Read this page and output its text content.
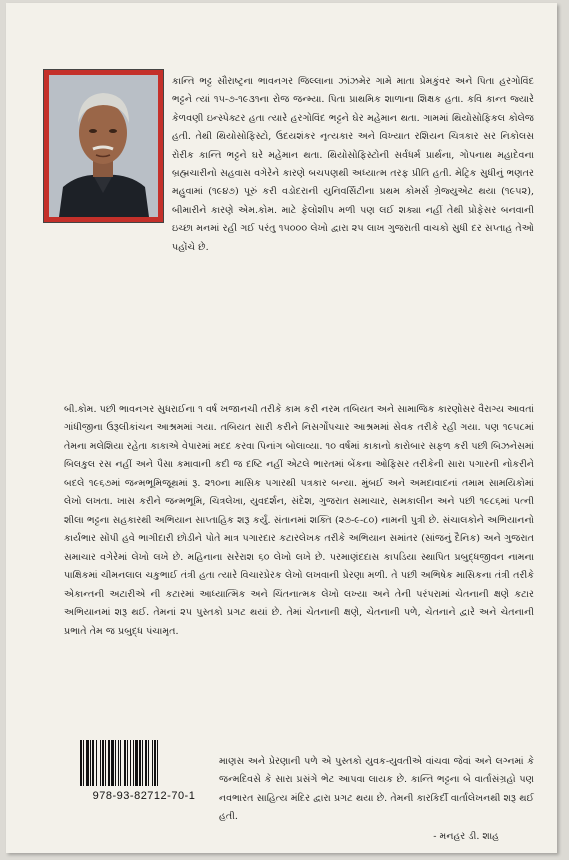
કાન્તિ ભટ્ટ સૌરાષ્ટ્રના ભાવનગર જિલ્લાના ઝાંઝમેર ગામે માતા પ્રેમકુંવર અને પિતા હરગોવિંદ ભટ્ટને ત્યાં ૧૫-૭-૧૯૩૧ના રોજ જન્મ્યા. પિતા પ્રાથમિક શાળાના શિક્ષક હતા. કવિ કાન્ત જ્યારે કેળવણી ઇન્સ્પેક્ટર હતા ત્યારે હરગોવિંદ ભટ્ટને ઘેર મહેમાન થતા. ગામમાં થિયોસોફિકલ કોલેજ હતી. તેથી થિયોસોફિસ્ટો, ઉદયશંકર નૃત્યકાર અને વિખ્યાત રશિયન ચિત્રકાર સર નિકોલસ રોરીક કાન્તિ ભટ્ટને ઘરે મહેમાન થતા. થિયોસોફિસ્ટોની સર્વધર્મ પ્રાર્થના, ગોપનાથ મહાદેવના બ્રહ્મચારીનો સહવાસ વગેરેને કારણે બચપણથી અધ્યાત્મ તરફ પ્રીતિ હતી. મેટ્રિક સુધીનું ભણતર મહુવામાં (૧૯૪૭) પૂરું કરી વડોદરાની યુનિવર્સિટીના પ્રથમ કોમર્સ ગ્રેજ્યુએટ થયા (૧૯૫૨), બીમારીને કારણે એમ.કોમ. માટે ફેલોશીપ મળી પણ લઈ શક્યા નહીં તેથી પ્રોફેસર બનવાની ઇચ્છા મનમાં રહી ગઈ પરંતુ ૧૫૦૦૦ લેખો દ્વારા ૨૫ લાખ ગુજરાતી વાચકો સુધી દર સપ્તાહ તેઓ પહોંચે છે.

બી.કોમ. પછી ભાવનગર સુધરાઈના ૧ વર્ષ ખજાનચી તરીકે કામ કરી નરમ તબિયત અને સામાજિક કારણોસર વૈરાગ્ય આવતાં ગાંધીજીના ઉરૂલીકાંચન આશ્રમમાં ગયા. તબિયત સારી કરીને નિસર્ગોપચાર આશ્રમમાં સેવક તરીકે રહી ગયા. પણ ૧૯૫૮માં તેમના મલેશિયા રહેતા કાકાએ વેપારમાં મદદ કરવા પિનાંગ બોલાવ્યા. ૧૦ વર્ષમાં કાકાનો કારોબાર સફળ કરી પછી બિઝનેસમાં બિલકુલ રસ નહીં અને પૈસા કમાવાની કદી જ દષ્ટિ નહીં એટલે ભારતમાં બેંકના ઓફિસર તરીકેની સારા પગારની નોકરીને બદલે ૧૯૬૭માં જન્મભૂમિજૂથમાં રૂ. ૨૧૦ના માસિક પગારથી પત્રકાર બન્યા. મુંબઈ અને અમદાવાદનાં તમામ સામયિકોમાં લેખો લખતા. ખાસ કરીને જન્મભૂમિ, ચિત્રલેખા, યુવદર્શન, સંદેશ, ગુજરાત સમાચાર, સમકાલીન અને પછી ૧૯૮૬માં પત્ની શીલા ભટ્ટના સહકારથી અભિયાન સાપ્તાહિક શરૂ કર્યું. સંતાનમાં શક્તિ (૨૭-૯-૮૦) નામની પુત્રી છે. સંચાલકોને અભિયાનનો કાર્યભાર સોંપી હવે ભાગીદારી છોડીને પોતે માત્ર પગારદાર કટારલેખક તરીકે અભિયાન સમાંતર (સાંજનું દૈનિક) અને ગુજરાત સમાચાર વગેરેમાં લેખો લખે છે. મહિનાના સરેરાશ ૬૦ લેખો લખે છે. પરમાણંદદાસ કાપડિયા સ્થાપિત પ્રબુદ્ધજીવન નામના પાક્ષિકમાં ચીમનલાલ ચકુભાઈ તંત્રી હતા ત્યારે વિચારપ્રેરક લેખો લખવાની પ્રેરણા મળી. તે પછી અભિષેક માસિકના તંત્રી તરીકે એકાન્તની અટારીએ ની કટારમાં આધ્યાત્મિક અને ચિંતનાત્મક લેખો લખ્યા અને તેની પરંપરામાં ચેતનાની ક્ષણે કટાર અભિયાનમાં શરૂ થઈ. તેમનાં ૨૫ પુસ્તકો પ્રગટ થયાં છે. તેમાં ચેતનાની ક્ષણે, ચેતનાની પળે, ચેતનાને દ્વારે અને ચેતનાની પ્રભાતે તેમ જ પ્રબુદ્ધ પંચામૃત.

માણસ અને પ્રેરણાની પળે એ પુસ્તકો યુવક-યુવતીએ વાંચવા જેવાં અને લગ્નમાં કે જન્મદિવસે કે સારા પ્રસંગે ભેટ આપવા લાયક છે. કાન્તિ ભટ્ટના બે વાર્તાસંગ્રહો પણ નવભારત સાહિત્ય મંદિર દ્વારા પ્રગટ થયા છે. તેમની કારકિર્દી વાર્તાલેખનથી શરૂ થઈ હતી.

- મનહર ડી. શાહ
978-93-82712-70-1
